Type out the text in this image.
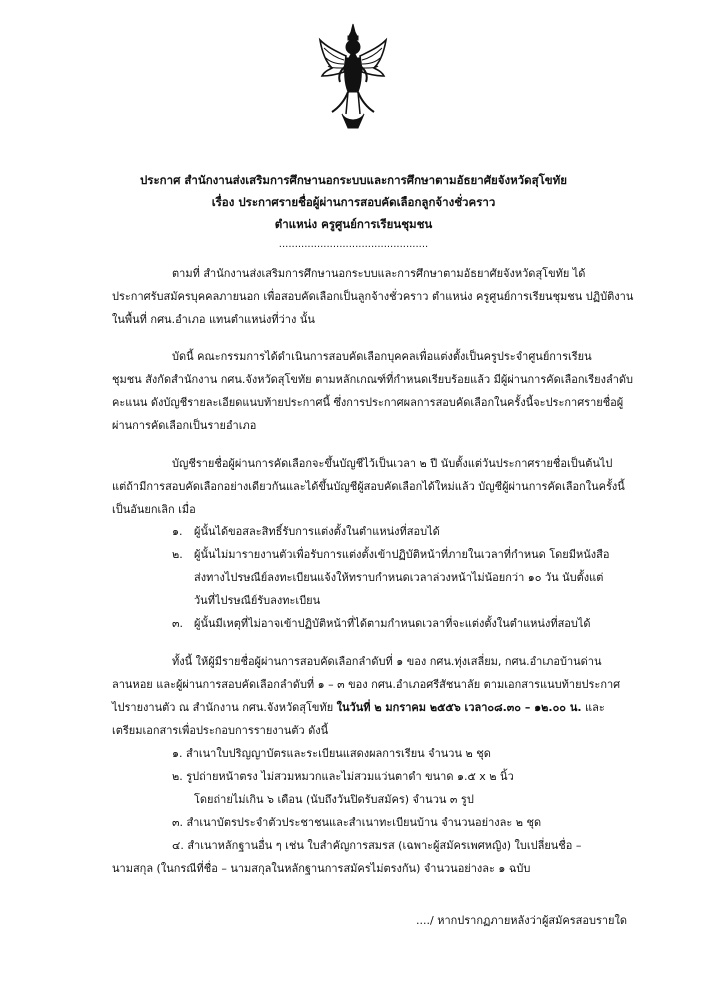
ประกาศ สำนักงานส่งเสริมการศึกษานอกระบบและการศึกษาตามอัธยาศัยจังหวัดสุโขทัย
เรื่อง ประกาศรายชื่อผู้ผ่านการสอบคัดเลือกลูกจ้างชั่วคราว
ตำแหน่ง ครูศูนย์การเรียนชุมชน
...............................................
ตามที่ สำนักงานส่งเสริมการศึกษานอกระบบและการศึกษาตามอัธยาศัยจังหวัดสุโขทัย ได้
ประกาศรับสมัครบุคคลภายนอก เพื่อสอบคัดเลือกเป็นลูกจ้างชั่วคราว ตำแหน่ง ครูศูนย์การเรียนชุมชน ปฏิบัติงาน
ในพื้นที่ กศน.อำเภอ แทนตำแหน่งที่ว่าง นั้น
บัดนี้ คณะกรรมการได้ดำเนินการสอบคัดเลือกบุคคลเพื่อแต่งตั้งเป็นครูประจำศูนย์การเรียน
ชุมชน สังกัดสำนักงาน กศน.จังหวัดสุโขทัย ตามหลักเกณฑ์ที่กำหนดเรียบร้อยแล้ว มีผู้ผ่านการคัดเลือกเรียงลำดับ
คะแนน ดังบัญชีรายละเอียดแนบท้ายประกาศนี้ ซึ่งการประกาศผลการสอบคัดเลือกในครั้งนี้จะประกาศรายชื่อผู้
ผ่านการคัดเลือกเป็นรายอำเภอ
บัญชีรายชื่อผู้ผ่านการคัดเลือกจะขึ้นบัญชีไว้เป็นเวลา ๒ ปี นับตั้งแต่วันประกาศรายชื่อเป็นต้นไป
แต่ถ้ามีการสอบคัดเลือกอย่างเดียวกันและได้ขึ้นบัญชีผู้สอบคัดเลือกได้ใหม่แล้ว บัญชีผู้ผ่านการคัดเลือกในครั้งนี้
เป็นอันยกเลิก เมื่อ
๑. ผู้นั้นได้ขอสละสิทธิ์รับการแต่งตั้งในตำแหน่งที่สอบได้
๒. ผู้นั้นไม่มารายงานตัวเพื่อรับการแต่งตั้งเข้าปฏิบัติหน้าที่ภายในเวลาที่กำหนด โดยมีหนังสือ
ส่งทางไปรษณีย์ลงทะเบียนแจ้งให้ทราบกำหนดเวลาล่วงหน้าไม่น้อยกว่า ๑๐ วัน นับตั้งแต่
วันที่ไปรษณีย์รับลงทะเบียน
๓. ผู้นั้นมีเหตุที่ไม่อาจเข้าปฏิบัติหน้าที่ได้ตามกำหนดเวลาที่จะแต่งตั้งในตำแหน่งที่สอบได้
ทั้งนี้ ให้ผู้มีรายชื่อผู้ผ่านการสอบคัดเลือกลำดับที่ ๑ ของ กศน.ทุ่งเสลี่ยม, กศน.อำเภอบ้านด่าน
ลานหอย และผู้ผ่านการสอบคัดเลือกลำดับที่ ๑ – ๓ ของ กศน.อำเภอศรีสัชนาลัย ตามเอกสารแนบท้ายประกาศ
ไปรายงานตัว ณ สำนักงาน กศน.จังหวัดสุโขทัย ในวันที่ ๒ มกราคม ๒๕๕๖ เวลา๐๘.๓๐ – ๑๒.๐๐ น. และ
เตรียมเอกสารเพื่อประกอบการรายงานตัว ดังนี้
๑. สำเนาใบปริญญาบัตรและระเบียนแสดงผลการเรียน จำนวน ๒ ชุด
๒. รูปถ่ายหน้าตรง ไม่สวมหมวกและไม่สวมแว่นตาดำ ขนาด ๑.๕ x ๒ นิ้ว
โดยถ่ายไม่เกิน ๖ เดือน (นับถึงวันปิดรับสมัคร) จำนวน ๓ รูป
๓. สำเนาบัตรประจำตัวประชาชนและสำเนาทะเบียนบ้าน จำนวนอย่างละ ๒ ชุด
๔. สำเนาหลักฐานอื่น ๆ เช่น ใบสำคัญการสมรส (เฉพาะผู้สมัครเพศหญิง) ใบเปลี่ยนชื่อ –
นามสกุล (ในกรณีที่ชื่อ – นามสกุลในหลักฐานการสมัครไม่ตรงกัน) จำนวนอย่างละ ๑ ฉบับ
..../ หากปรากฏภายหลังว่าผู้สมัครสอบรายใด
